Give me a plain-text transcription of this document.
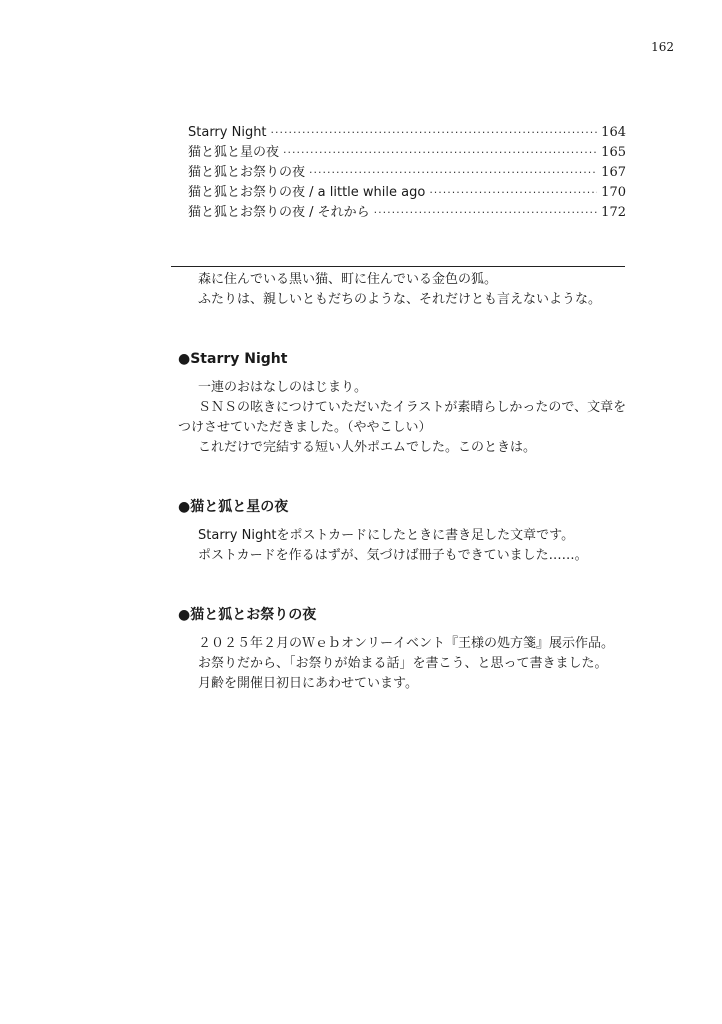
162
Starry Night ·····	164
猫と狐と星の夜 ·····	165
猫と狐とお祭りの夜 ·····	167
猫と狐とお祭りの夜 / a little while ago ·····	170
猫と狐とお祭りの夜 / それから ·····	172

森に住んでいる黒い猫、町に住んでいる金色の狐。

ふたりは、親しいともだちのような、それだけとも言えないような。

●Starry Night

一連のおはなしのはじまり。

ＳＮＳの呟きにつけていただいたイラストが素晴らしかったので、文章をつけさせていただきました。（ややこしい）

これだけで完結する短い人外ポエムでした。このときは。

●猫と狐と星の夜

Starry Nightをポストカードにしたときに書き足した文章です。

ポストカードを作るはずが、気づけば冊子もできていました……。

●猫と狐とお祭りの夜

２０２５年２月のＷｅｂオンリーイベント『王様の処方箋』展示作品。

お祭りだから、「お祭りが始まる話」を書こう、と思って書きました。

月齢を開催日初日にあわせています。
